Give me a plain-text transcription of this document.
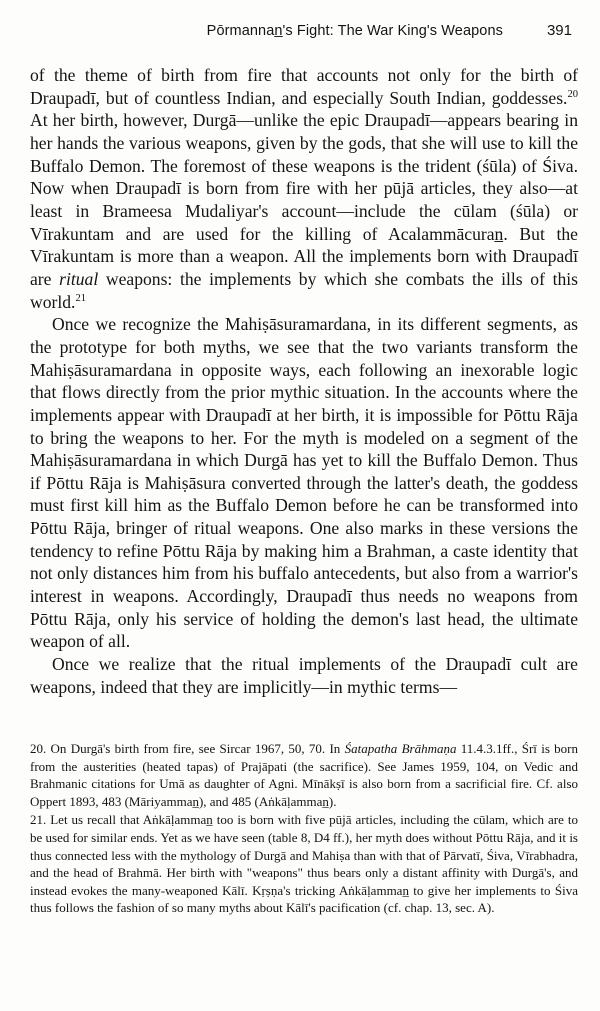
Pōrmannan̲'s Fight: The War King's Weapons	391

of the theme of birth from fire that accounts not only for the birth of Draupadī, but of countless Indian, and especially South Indian, goddesses.$^{20}$ At her birth, however, Durgā—unlike the epic Draupadī—appears bearing in her hands the various weapons, given by the gods, that she will use to kill the Buffalo Demon. The foremost of these weapons is the trident (śūla) of Śiva. Now when Draupadī is born from fire with her pūjā articles, they also—at least in Brameesa Mudaliyar's account—include the cūlam (śūla) or Vīrakuntam and are used for the killing of Acalammācuran̲. But the Vīrakuntam is more than a weapon. All the implements born with Draupadī are ritual weapons: the implements by which she combats the ills of this world.$^{21}$

Once we recognize the Mahiṣāsuramardana, in its different segments, as the prototype for both myths, we see that the two variants transform the Mahiṣāsuramardana in opposite ways, each following an inexorable logic that flows directly from the prior mythic situation. In the accounts where the implements appear with Draupadī at her birth, it is impossible for Pōttu Rāja to bring the weapons to her. For the myth is modeled on a segment of the Mahiṣāsuramardana in which Durgā has yet to kill the Buffalo Demon. Thus if Pōttu Rāja is Mahiṣāsura converted through the latter's death, the goddess must first kill him as the Buffalo Demon before he can be transformed into Pōttu Rāja, bringer of ritual weapons. One also marks in these versions the tendency to refine Pōttu Rāja by making him a Brahman, a caste identity that not only distances him from his buffalo antecedents, but also from a warrior's interest in weapons. Accordingly, Draupadī thus needs no weapons from Pōttu Rāja, only his service of holding the demon's last head, the ultimate weapon of all.

Once we realize that the ritual implements of the Draupadī cult are weapons, indeed that they are implicitly—in mythic terms—

20. On Durgā's birth from fire, see Sircar 1967, 50, 70. In Śatapatha Brāhmaṇa 11.4.3.1ff., Śrī is born from the austerities (heated tapas) of Prajāpati (the sacrifice). See James 1959, 104, on Vedic and Brahmanic citations for Umā as daughter of Agni. Mīnākṣī is also born from a sacrificial fire. Cf. also Oppert 1893, 483 (Māriyamman̲), and 485 (Aṅkāḷamman̲).

21. Let us recall that Aṅkāḷamman̲ too is born with five pūjā articles, including the cūlam, which are to be used for similar ends. Yet as we have seen (table 8, D4 ff.), her myth does without Pōttu Rāja, and it is thus connected less with the mythology of Durgā and Mahiṣa than with that of Pārvatī, Śiva, Vīrabhadra, and the head of Brahmā. Her birth with "weapons" thus bears only a distant affinity with Durgā's, and instead evokes the many-weaponed Kālī. Kṛṣṇa's tricking Aṅkāḷamman̲ to give her implements to Śiva thus follows the fashion of so many myths about Kālī's pacification (cf. chap. 13, sec. A).
